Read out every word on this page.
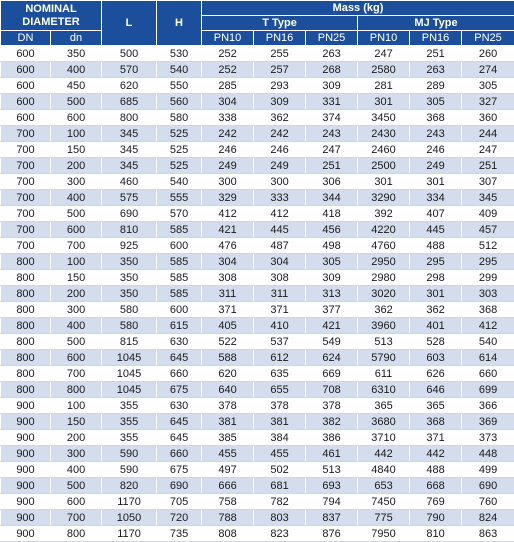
NOMINAL DIAMETER		L	H	Mass (kg)					
				T Type			MJ Type		
DN	dn			PN10	PN16	PN25	PN10	PN16	PN25
600	350	500	530	252	255	263	247	251	260
600	400	570	540	252	257	268	2580	263	274
600	450	620	550	285	293	309	281	289	305
600	500	685	560	304	309	331	301	305	327
600	600	800	580	338	362	374	3450	368	360
700	100	345	525	242	242	243	2430	243	244
700	150	345	525	246	246	247	2460	246	247
700	200	345	525	249	249	251	2500	249	251
700	300	460	540	300	300	306	301	301	307
700	400	575	555	329	333	344	3290	334	345
700	500	690	570	412	412	418	392	407	409
700	600	810	585	421	445	456	4220	445	457
700	700	925	600	476	487	498	4760	488	512
800	100	350	585	304	304	305	2950	295	295
800	150	350	585	308	308	309	2980	298	299
800	200	350	585	311	311	313	3020	301	303
800	300	580	600	371	371	377	362	362	368
800	400	580	615	405	410	421	3960	401	412
800	500	815	630	522	537	549	513	528	540
800	600	1045	645	588	612	624	5790	603	614
800	700	1045	660	620	635	669	611	626	660
800	800	1045	675	640	655	708	6310	646	699
900	100	355	630	378	378	378	365	365	366
900	150	355	645	381	381	382	3680	368	369
900	200	355	645	385	384	386	3710	371	373
900	300	590	660	455	455	461	442	442	448
900	400	590	675	497	502	513	4840	488	499
900	500	820	690	666	681	693	653	668	690
900	600	1170	705	758	782	794	7450	769	760
900	700	1050	720	788	803	837	775	790	824
900	800	1170	735	808	823	876	7950	810	863
